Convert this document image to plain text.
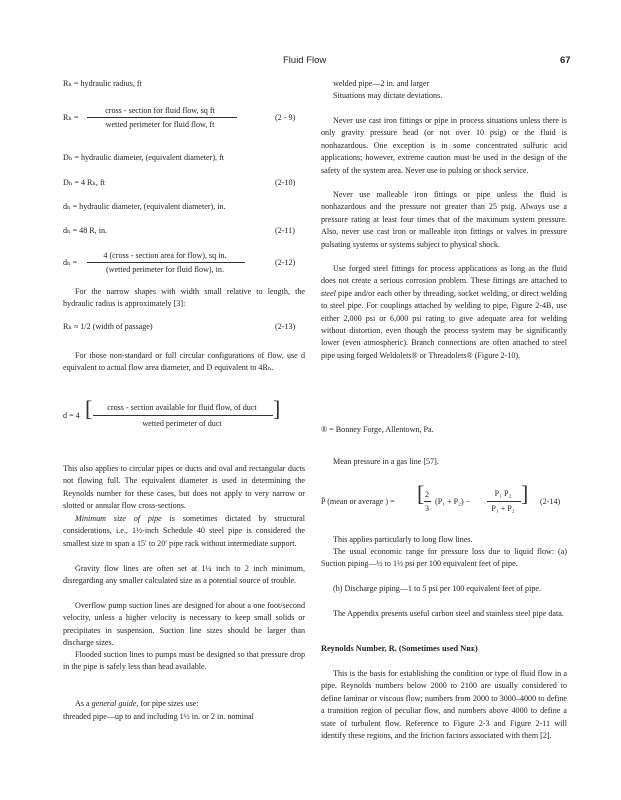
Fluid Flow	67
Rₕ = hydraulic radius, ft
Rₕ =
cross - section for fluid flow, sq ft
wetted perimeter for fluid flow, ft
(2 - 9)
Dₕ = hydraulic diameter, (equivalent diameter), ft
Dₕ = 4 Rₕ, ft	(2-10)
dₕ = hydraulic diameter, (equivalent diameter), in.
dₕ = 48 R, in.	(2-11)
dₕ =
4 (cross - section area for flow), sq in.
(wetted perimeter for fluid flow), in.
(2-12)

For the narrow shapes with width small relative to length, the hydraulic radius is approximately [3]:

Rₕ ≈ 1/2 (width of passage)	(2-13)

For those non-standard or full circular configurations of flow, use d equivalent to actual flow area diameter, and D equivalent to 4Rₕ.

d = 4 [	cross - section available for fluid flow, of duct
wetted perimeter of duct
]

This also applies to circular pipes or ducts and oval and rectangular ducts not flowing full. The equivalent diameter is used in determining the Reynolds number for these cases, but does not apply to very narrow or slotted or annular flow cross-sections.

Minimum size of pipe is sometimes dictated by structural considerations, i.e., 1½-inch Schedule 40 steel pipe is considered the smallest size to span a 15′ to 20′ pipe rack without intermediate support.

Gravity flow lines are often set at 1¼ inch to 2 inch minimum, disregarding any smaller calculated size as a potential source of trouble.

Overflow pump suction lines are designed for about a one foot/second velocity, unless a higher velocity is necessary to keep small solids or precipitates in suspension. Suction line sizes should be larger than discharge sizes.

Flooded suction lines to pumps must be designed so that pressure drop in the pipe is safely less than head available.

As a general guide, for pipe sizes use:

threaded pipe—up to and including 1½ in. or 2 in. nominal

welded pipe—2 in. and larger
Situations may dictate deviations.

Never use cast iron fittings or pipe in process situations unless there is only gravity pressure head (or not over 10 psig) or the fluid is nonhazardous. One exception is in some concentrated sulfuric acid applications; however, extreme caution must be used in the design of the safety of the system area. Never use in pulsing or shock service.

Never use malleable iron fittings or pipe unless the fluid is nonhazardous and the pressure not greater than 25 psig. Always use a pressure rating at least four times that of the maximum system pressure. Also, never use cast iron or malleable iron fittings or valves in pressure pulsating systems or systems subject to physical shock.

Use forged steel fittings for process applications as long as the fluid does not create a serious corrosion problem. These fittings are attached to steel pipe and/or each other by threading, socket welding, or direct welding to steel pipe. For couplings attached by welding to pipe, Figure 2-4B, use either 2,000 psi or 6,000 psi rating to give adequate area for welding without distortion, even though the process system may be significantly lower (even atmospheric). Branch connections are often attached to steel pipe using forged Weldolets® or Threadolets® (Figure 2-10).

® = Bonney Forge, Allentown, Pa.
Mean pressure in a gas line [57].
P̄ (mean or average ) =
2
3
[ (P₁ + P₂) −
P₁ P₂
P₁ + P₂
] (2-14)
This applies particularly to long flow lines.

The usual economic range for pressure loss due to liquid flow: (a) Suction piping—½ to 1½ psi per 100 equivalent feet of pipe.

(b) Discharge piping—1 to 5 psi per 100 equivalent feet of pipe.

The Appendix presents useful carbon steel and stainless steel pipe data.

Reynolds Number, Rₑ (Sometimes used Nʀᴇ)

This is the basis for establishing the condition or type of fluid flow in a pipe. Reynolds numbers below 2000 to 2100 are usually considered to define laminar or viscous flow; numbers from 2000 to 3000–4000 to define a transition region of peculiar flow, and numbers above 4000 to define a state of turbulent flow. Reference to Figure 2-3 and Figure 2-11 will identify these regions, and the friction factors associated with them [2].
